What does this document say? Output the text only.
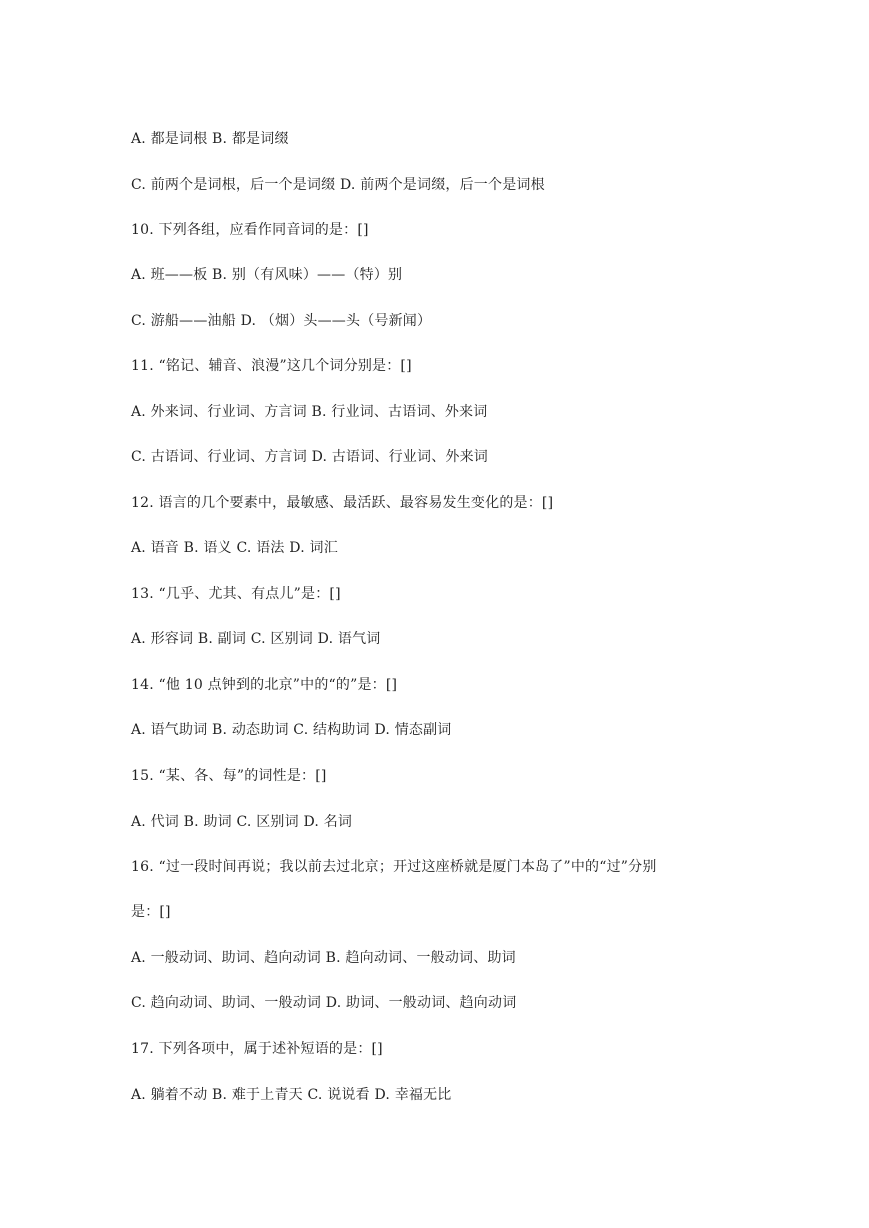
A. 都是词根 B. 都是词缀
C. 前两个是词根，后一个是词缀 D. 前两个是词缀，后一个是词根
10. 下列各组，应看作同音词的是：[]
A. 班——板 B. 别（有风味）——（特）别
C. 游船——油船 D. （烟）头——头（号新闻）
11. “铭记、辅音、浪漫”这几个词分别是：[]
A. 外来词、行业词、方言词 B. 行业词、古语词、外来词
C. 古语词、行业词、方言词 D. 古语词、行业词、外来词
12. 语言的几个要素中，最敏感、最活跃、最容易发生变化的是：[]
A. 语音 B. 语义 C. 语法 D. 词汇
13. “几乎、尤其、有点儿”是：[]
A. 形容词 B. 副词 C. 区别词 D. 语气词
14. “他 10 点钟到的北京”中的“的”是：[]
A. 语气助词 B. 动态助词 C. 结构助词 D. 情态副词
15. “某、各、每”的词性是：[]
A. 代词 B. 助词 C. 区别词 D. 名词
16. “过一段时间再说；我以前去过北京；开过这座桥就是厦门本岛了”中的“过”分别
是：[]
A. 一般动词、助词、趋向动词 B. 趋向动词、一般动词、助词
C. 趋向动词、助词、一般动词 D. 助词、一般动词、趋向动词
17. 下列各项中，属于述补短语的是：[]
A. 躺着不动 B. 难于上青天 C. 说说看 D. 幸福无比
